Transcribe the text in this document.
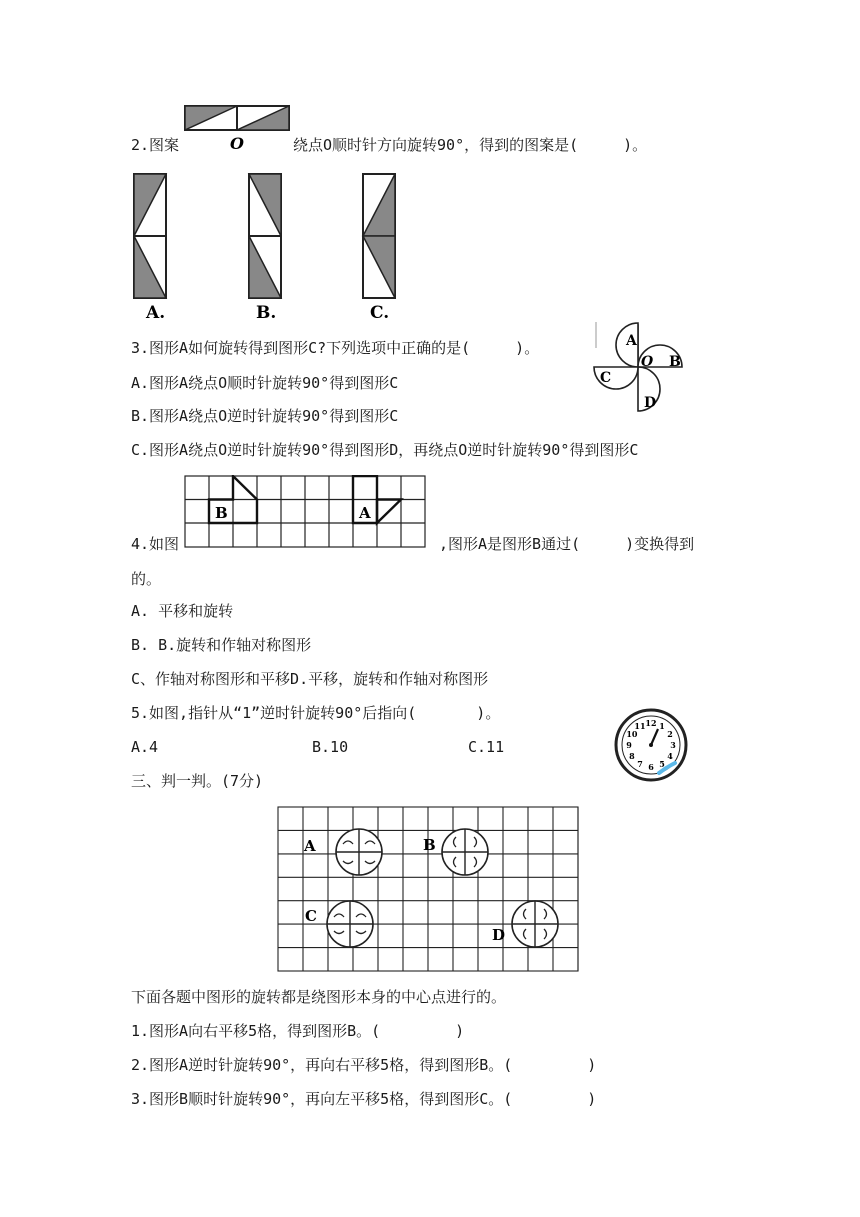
2.图案	O	绕点O顺时针方向旋转90°，得到的图案是(　　　)。
A.	B.	C.
3.图形A如何旋转得到图形C?下列选项中正确的是(　　　)。	A
O B
C
D
A.图形A绕点O顺时针旋转90°得到图形C
B.图形A绕点O逆时针旋转90°得到图形C
C.图形A绕点O逆时针旋转90°得到图形D，再绕点O逆时针旋转90°得到图形C
B	A
4.如图	,图形A是图形B通过(　　　)变换得到
的。
A. 平移和旋转
B. B.旋转和作轴对称图形
C、作轴对称图形和平移D.平移，旋转和作轴对称图形
5.如图,指针从“1”逆时针旋转90°后指向(　　　　)。
A.4	B.10	C.11
12 1
2
3
4
5
6
7
8
9
10
11
三、判一判。(7分)
A	B
C
D
下面各题中图形的旋转都是绕图形本身的中心点进行的。
1.图形A向右平移5格，得到图形B。(　　　　　)
2.图形A逆时针旋转90°，再向右平移5格，得到图形B。(　　　　　)
3.图形B顺时针旋转90°，再向左平移5格，得到图形C。(　　　　　)
